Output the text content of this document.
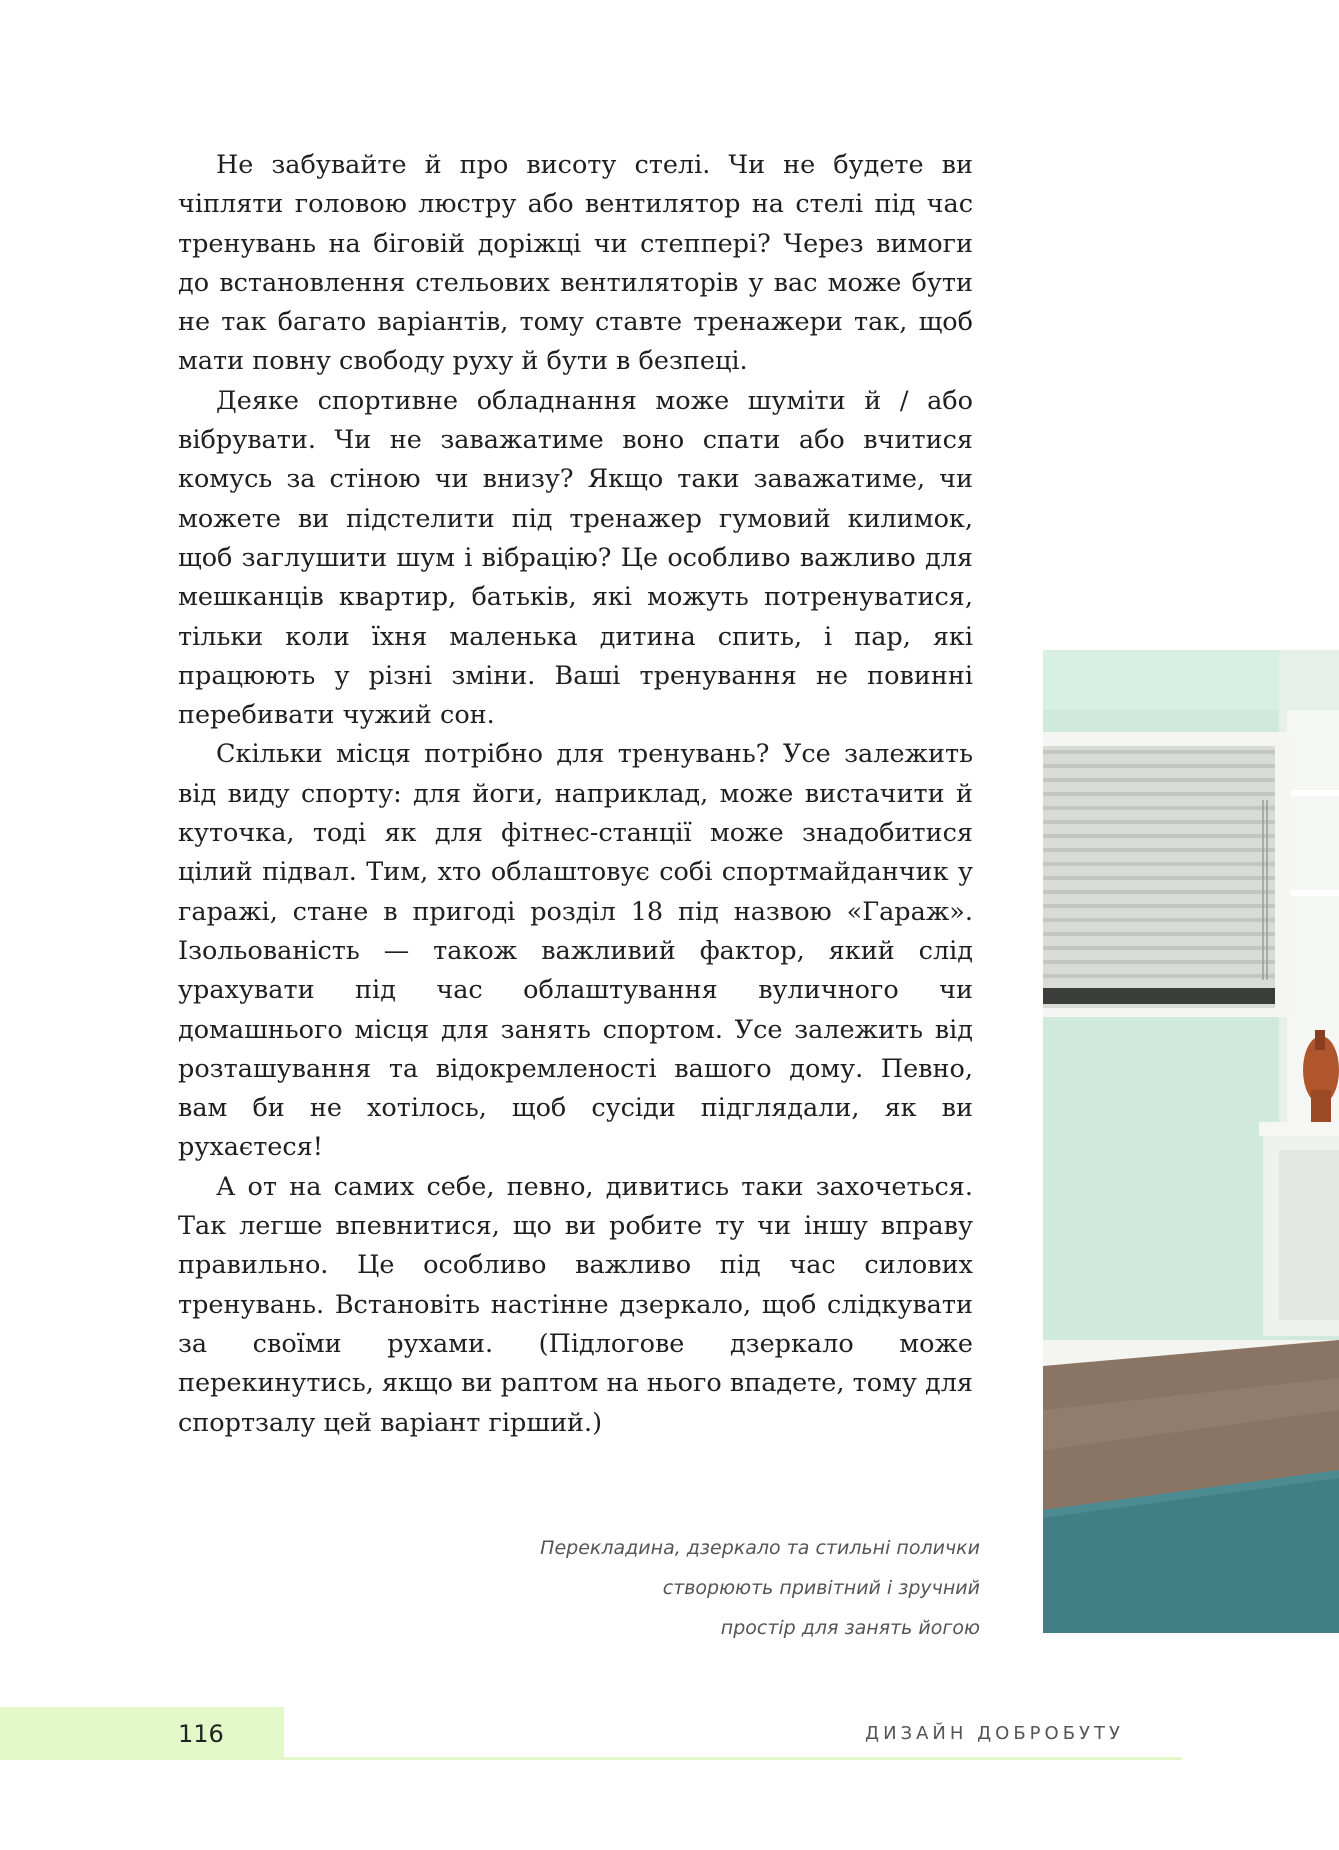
Не забувайте й про висоту стелі. Чи не будете ви чіпляти головою люстру або вентилятор на стелі під час тренувань на біговій доріжці чи степпері? Через вимоги до встановлення стельових вентиляторів у вас може бути не так багато варіантів, тому ставте тренажери так, щоб мати повну свободу руху й бути в безпеці.

Деяке спортивне обладнання може шуміти й / або вібрувати. Чи не заважатиме воно спати або вчитися комусь за стіною чи внизу? Якщо таки заважатиме, чи можете ви підстелити під тренажер гумовий килимок, щоб заглушити шум і вібрацію? Це особливо важливо для мешканців квартир, батьків, які можуть потренуватися, тільки коли їхня маленька дитина спить, і пар, які працюють у різні зміни. Ваші тренування не повинні перебивати чужий сон.

Скільки місця потрібно для тренувань? Усе залежить від виду спорту: для йоги, наприклад, може вистачити й куточка, тоді як для фітнес-станції може знадобитися цілий підвал. Тим, хто облаштовує собі спортмайданчик у гаражі, стане в пригоді розділ 18 під назвою «Гараж». Ізольованість — також важливий фактор, який слід урахувати під час облаштування вуличного чи домашнього місця для занять спортом. Усе залежить від розташування та відокремленості вашого дому. Певно, вам би не хотілось, щоб сусіди підглядали, як ви рухаєтеся!

А от на самих себе, певно, дивитись таки захочеться. Так легше впевнитися, що ви робите ту чи іншу вправу правильно. Це особливо важливо під час силових тренувань. Встановіть настінне дзеркало, щоб слідкувати за своїми рухами. (Підлогове дзеркало може перекинутись, якщо ви раптом на нього впадете, тому для спортзалу цей варіант гірший.)

Перекладина, дзеркало та стильні полички
створюють привітний і зручний
простір для занять йогою
116	ДИЗАЙН ДОБРОБУТУ
